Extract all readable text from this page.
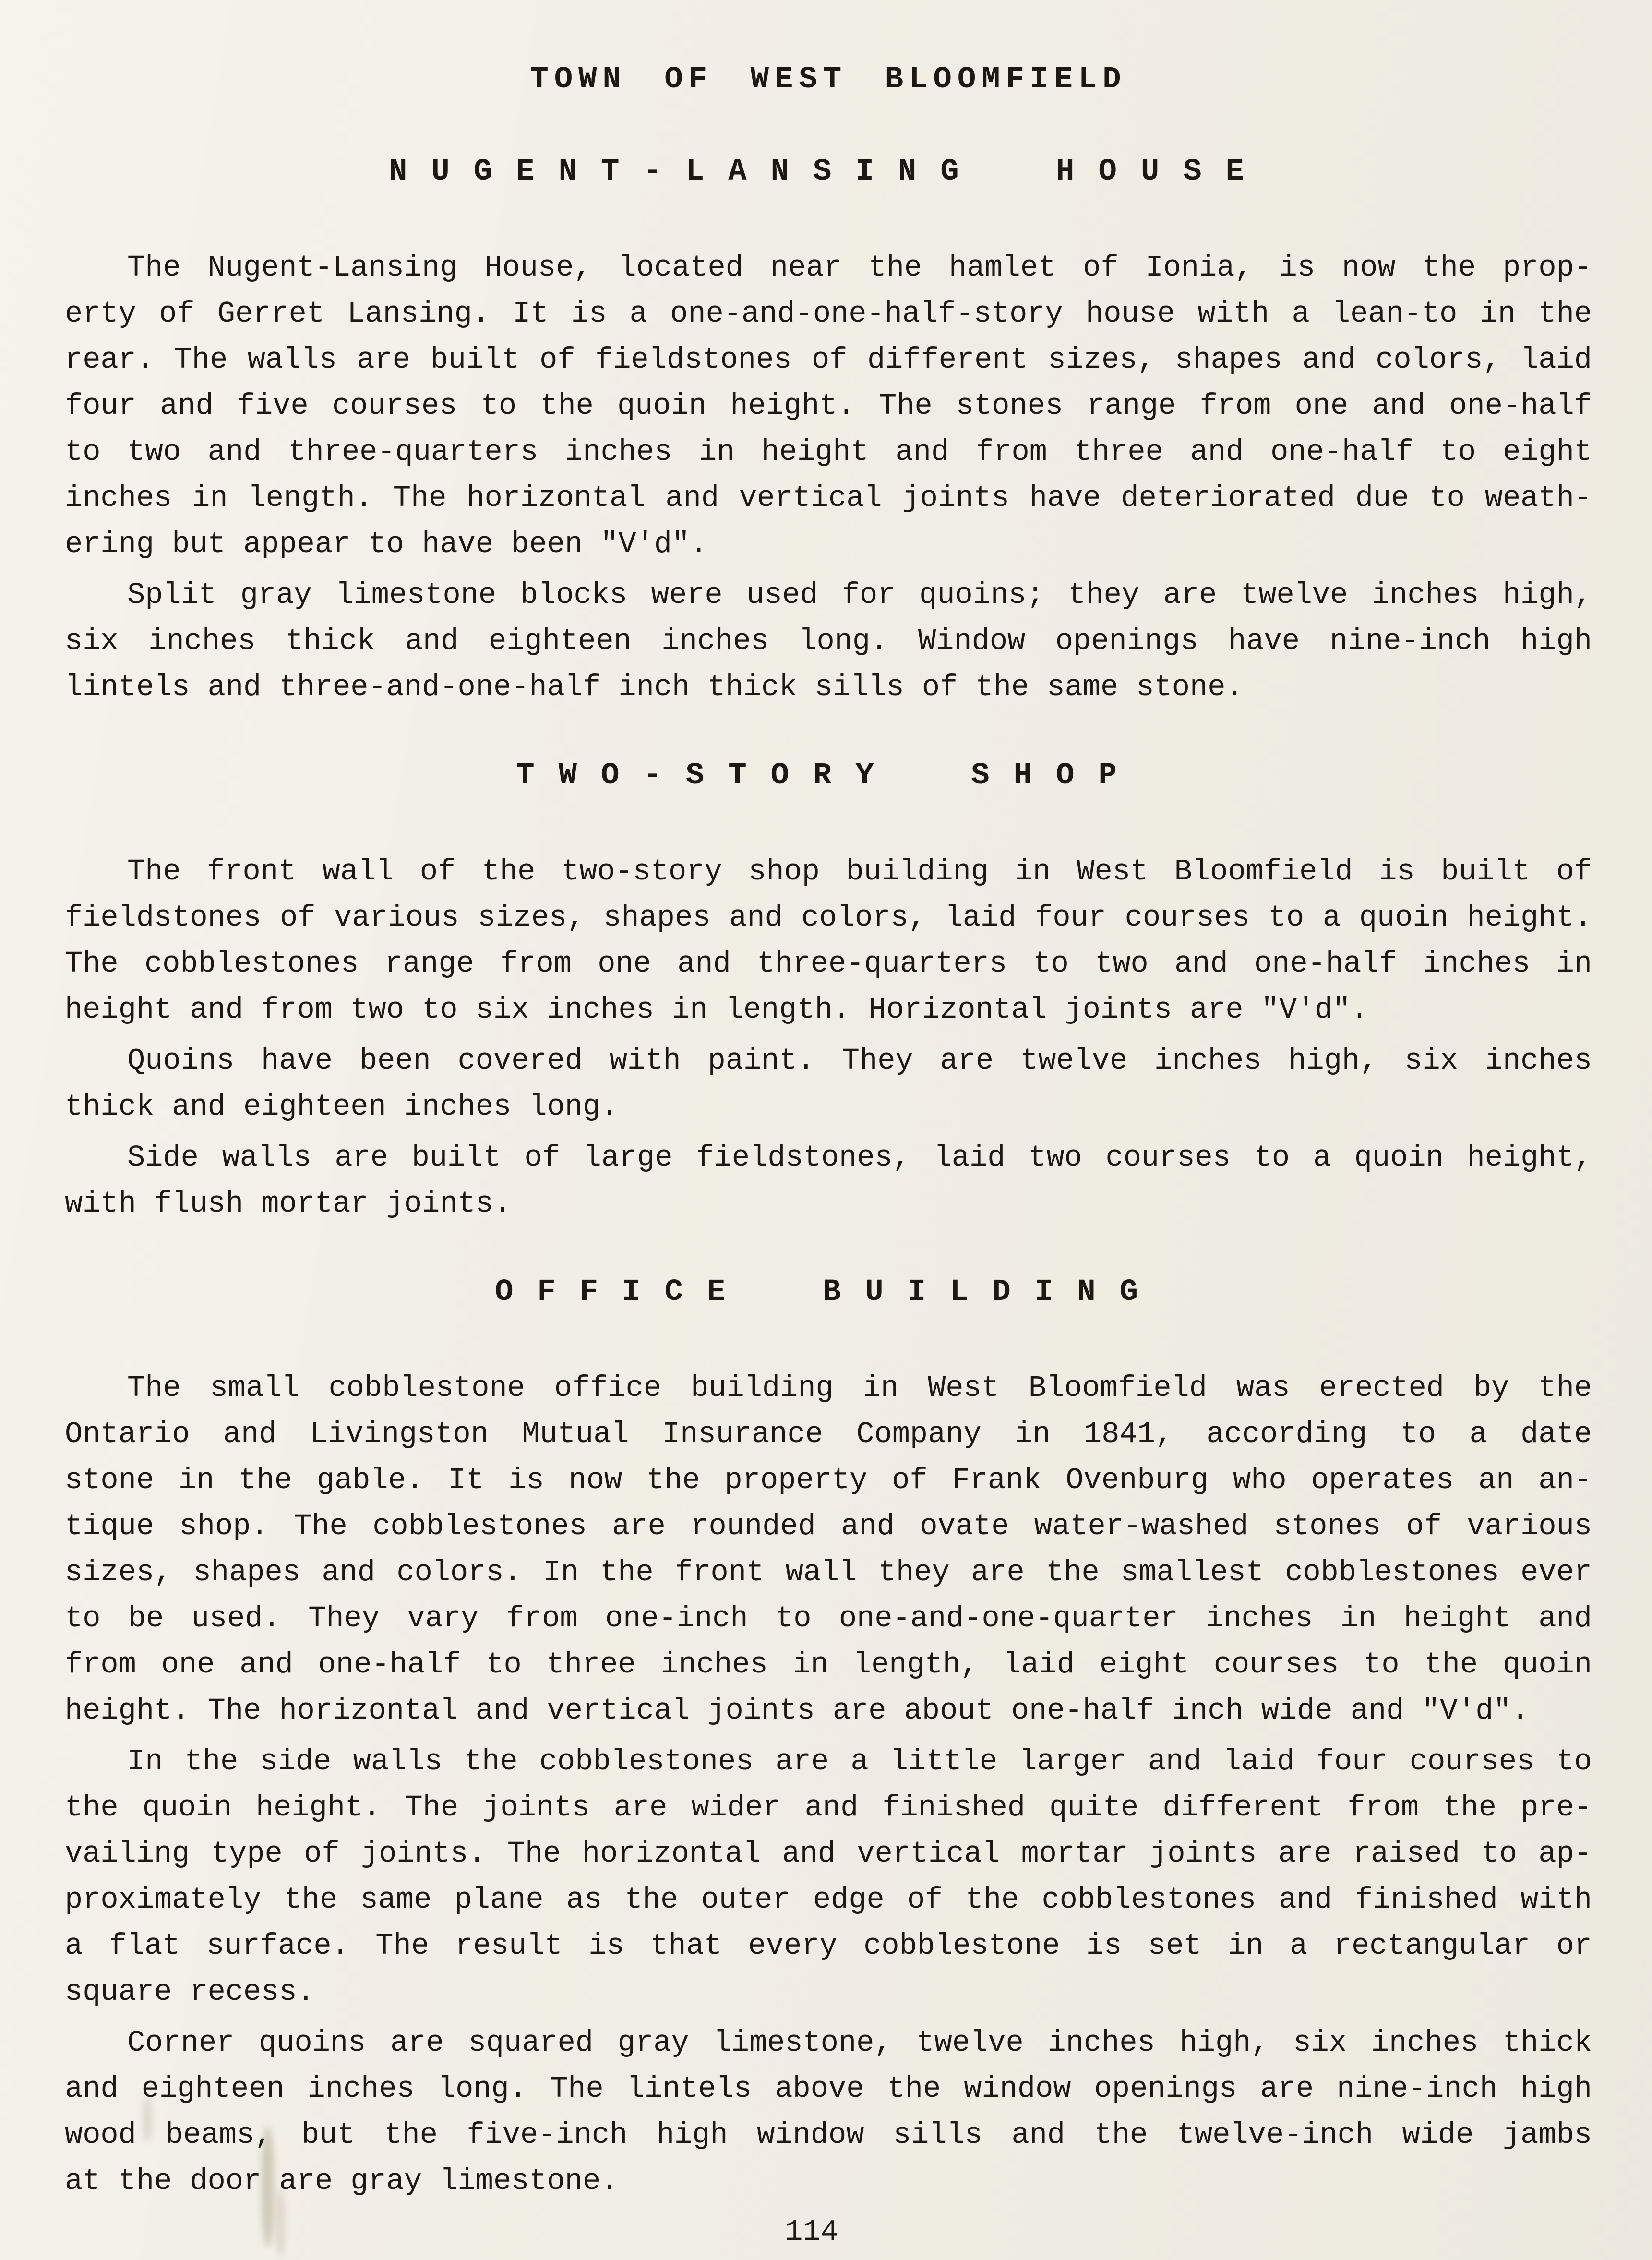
TOWN OF WEST BLOOMFIELD
NUGENT-LANSING HOUSE
The Nugent-Lansing House, located near the hamlet of Ionia, is now the prop-
erty of Gerret Lansing. It is a one-and-one-half-story house with a lean-to in the
rear. The walls are built of fieldstones of different sizes, shapes and colors, laid
four and five courses to the quoin height. The stones range from one and one-half
to two and three-quarters inches in height and from three and one-half to eight
inches in length. The horizontal and vertical joints have deteriorated due to weath-
ering but appear to have been "V'd".
Split gray limestone blocks were used for quoins; they are twelve inches high,
six inches thick and eighteen inches long. Window openings have nine-inch high
lintels and three-and-one-half inch thick sills of the same stone.
TWO-STORY SHOP
The front wall of the two-story shop building in West Bloomfield is built of
fieldstones of various sizes, shapes and colors, laid four courses to a quoin height.
The cobblestones range from one and three-quarters to two and one-half inches in
height and from two to six inches in length. Horizontal joints are "V'd".
Quoins have been covered with paint. They are twelve inches high, six inches
thick and eighteen inches long.
Side walls are built of large fieldstones, laid two courses to a quoin height,
with flush mortar joints.
OFFICE BUILDING
The small cobblestone office building in West Bloomfield was erected by the
Ontario and Livingston Mutual Insurance Company in 1841, according to a date
stone in the gable. It is now the property of Frank Ovenburg who operates an an-
tique shop. The cobblestones are rounded and ovate water-washed stones of various
sizes, shapes and colors. In the front wall they are the smallest cobblestones ever
to be used. They vary from one-inch to one-and-one-quarter inches in height and
from one and one-half to three inches in length, laid eight courses to the quoin
height. The horizontal and vertical joints are about one-half inch wide and "V'd".
In the side walls the cobblestones are a little larger and laid four courses to
the quoin height. The joints are wider and finished quite different from the pre-
vailing type of joints. The horizontal and vertical mortar joints are raised to ap-
proximately the same plane as the outer edge of the cobblestones and finished with
a flat surface. The result is that every cobblestone is set in a rectangular or
square recess.
Corner quoins are squared gray limestone, twelve inches high, six inches thick
and eighteen inches long. The lintels above the window openings are nine-inch high
wood beams, but the five-inch high window sills and the twelve-inch wide jambs
at the door are gray limestone.
114
